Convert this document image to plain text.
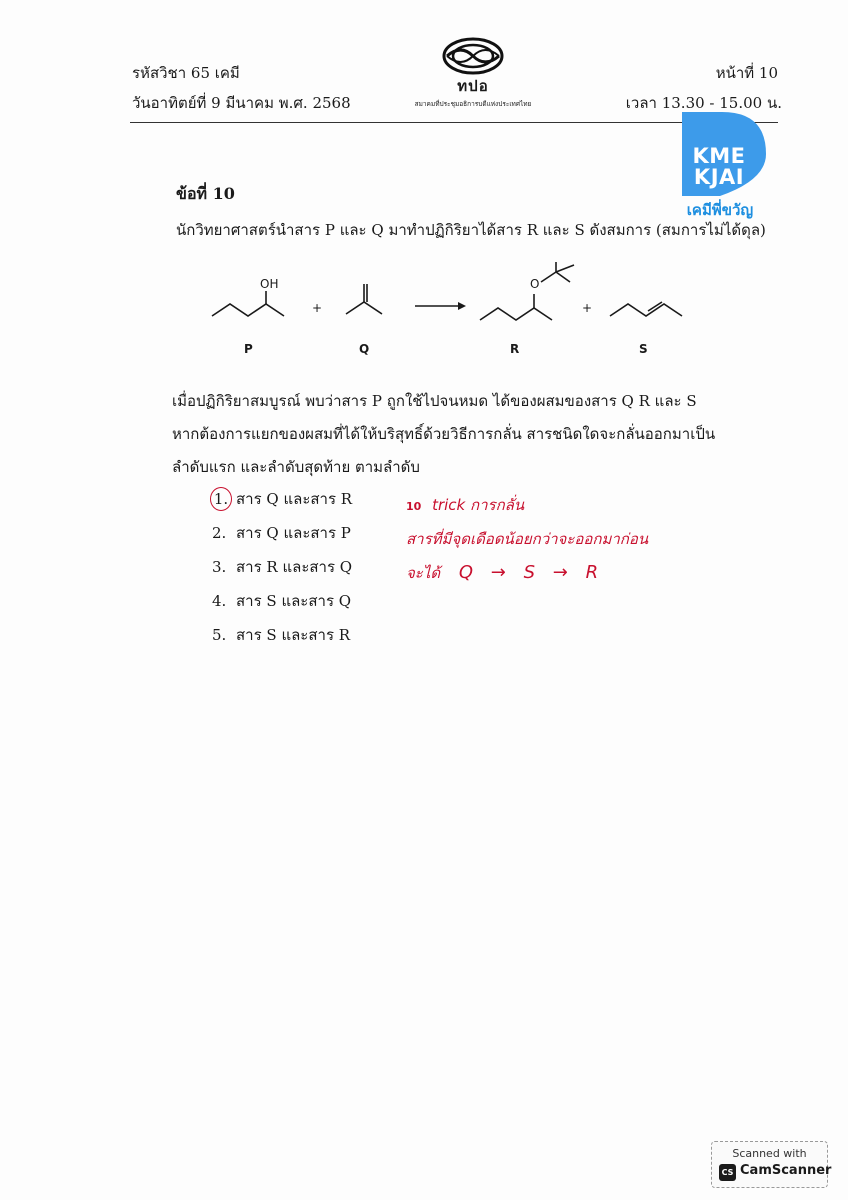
รหัสวิชา 65 เคมี
วันอาทิตย์ที่ 9 มีนาคม พ.ศ. 2568
ทปอ
สมาคมที่ประชุมอธิการบดีแห่งประเทศไทย
หน้าที่ 10
เวลา 13.30 - 15.00 น.
KME
KJAI
เคมีพี่ขวัญ
ข้อที่ 10
นักวิทยาศาสตร์นำสาร P และ Q มาทำปฏิกิริยาได้สาร R และ S ดังสมการ (สมการไม่ได้ดุล)
OH	O
+	+
P	Q	R	S
เมื่อปฏิกิริยาสมบูรณ์ พบว่าสาร P ถูกใช้ไปจนหมด ได้ของผสมของสาร Q R และ S
หากต้องการแยกของผสมที่ได้ให้บริสุทธิ์ด้วยวิธีการกลั่น สารชนิดใดจะกลั่นออกมาเป็น
ลำดับแรก และลำดับสุดท้าย ตามลำดับ
1. สาร Q และสาร R
2. สาร Q และสาร P
3. สาร R และสาร Q
4. สาร S และสาร Q
5. สาร S และสาร R
10 trick การกลั่น
สารที่มีจุดเดือดน้อยกว่าจะออกมาก่อน
จะได้ Q → S → R
Scanned with
CS CamScanner
